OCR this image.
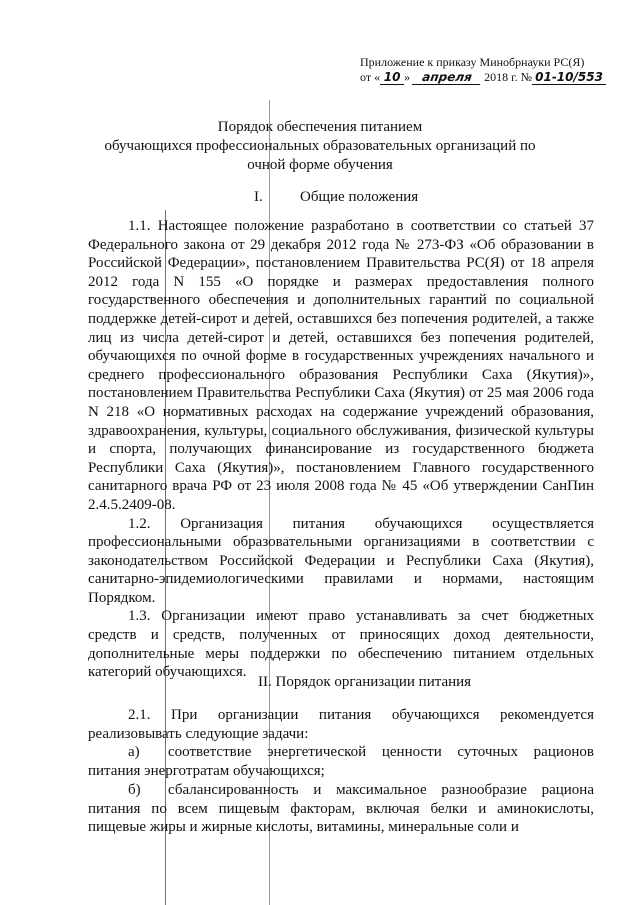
Приложение к приказу Минобрнауки РС(Я)
от « 10 » апреля 2018 г. № 01-10/553
Порядок обеспечения питанием
обучающихся профессиональных образовательных организаций по
очной форме обучения
I. Общие положения

1.1. Настоящее положение разработано в соответствии со статьей 37 Федерального закона от 29 декабря 2012 года № 273-ФЗ «Об образовании в Российской Федерации», постановлением Правительства РС(Я) от 18 апреля 2012 года N 155 «О порядке и размерах предоставления полного государственного обеспечения и дополнительных гарантий по социальной поддержке детей-сирот и детей, оставшихся без попечения родителей, а также лиц из числа детей-сирот и детей, оставшихся без попечения родителей, обучающихся по очной форме в государственных учреждениях начального и среднего профессионального образования Республики Саха (Якутия)», постановлением Правительства Республики Саха (Якутия) от 25 мая 2006 года N 218 «О нормативных расходах на содержание учреждений образования, здравоохранения, культуры, социального обслуживания, физической культуры и спорта, получающих финансирование из государственного бюджета Республики Саха (Якутия)», постановлением Главного государственного санитарного врача РФ от 23 июля 2008 года № 45 «Об утверждении СанПин 2.4.5.2409-08.

1.2. Организация питания обучающихся осуществляется профессиональными образовательными организациями в соответствии с законодательством Российской Федерации и Республики Саха (Якутия), санитарно-эпидемиологическими правилами и нормами, настоящим Порядком.

1.3. Организации имеют право устанавливать за счет бюджетных средств и средств, полученных от приносящих доход деятельности, дополнительные меры поддержки по обеспечению питанием отдельных категорий обучающихся.

II. Порядок организации питания

2.1. При организации питания обучающихся рекомендуется реализовывать следующие задачи:

а) соответствие энергетической ценности суточных рационов питания энерготратам обучающихся;
б) сбалансированность и максимальное разнообразие рациона питания по всем пищевым факторам, включая белки и аминокислоты, пищевые жиры и жирные кислоты, витамины, минеральные соли и
